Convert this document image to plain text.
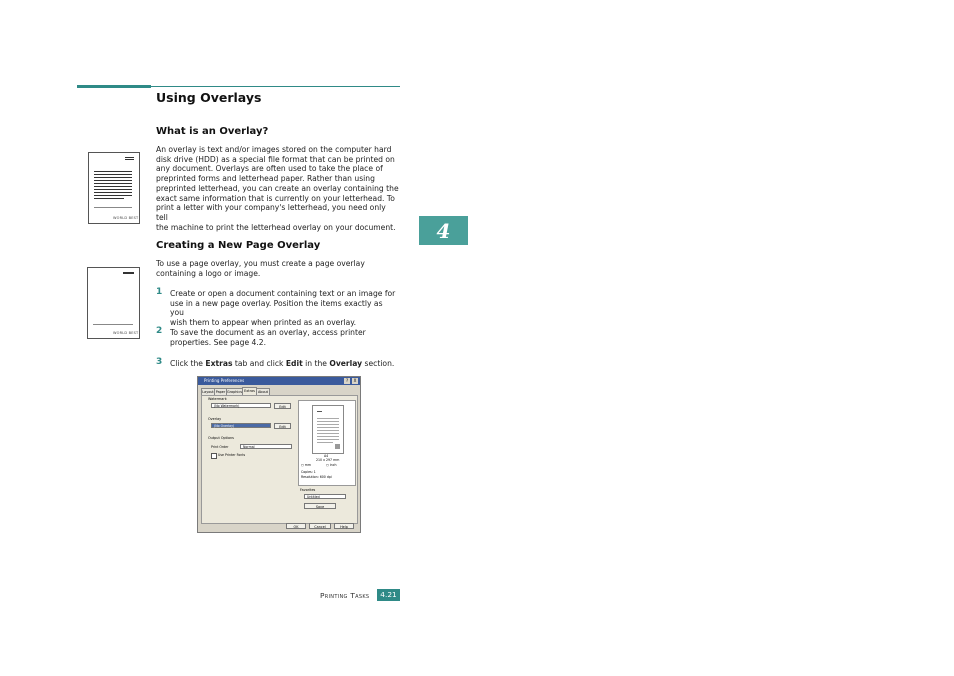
Using Overlays
What is an Overlay?
WORLD BEST
An overlay is text and/or images stored on the computer hard
disk drive (HDD) as a special file format that can be printed on
any document. Overlays are often used to take the place of
preprinted forms and letterhead paper. Rather than using
preprinted letterhead, you can create an overlay containing the
exact same information that is currently on your letterhead. To
print a letter with your company's letterhead, you need only tell
the machine to print the letterhead overlay on your document.	4
Creating a New Page Overlay
WORLD BEST
To use a page overlay, you must create a page overlay
containing a logo or image.
1 Create or open a document containing text or an image for
use in a new page overlay. Position the items exactly as you
wish them to appear when printed as an overlay.
2 To save the document as an overlay, access printer
properties. See page 4.2.
3 Click the Extras tab and click Edit in the Overlay section.
Printing Preferences	?	X
Layout Paper Graphics Extras About
Watermark
(No Watermark)	Edit
Overlay
(No Overlay)	Edit
Output Options
Print Order	Normal
Use Printer Fonts	A4
210 x 297 mm
○ mm	○ inch
Copies: 1
Resolution: 600 dpi
Favorites
Untitled
Save
OK	Cancel	Help
Printing Tasks	4.21
